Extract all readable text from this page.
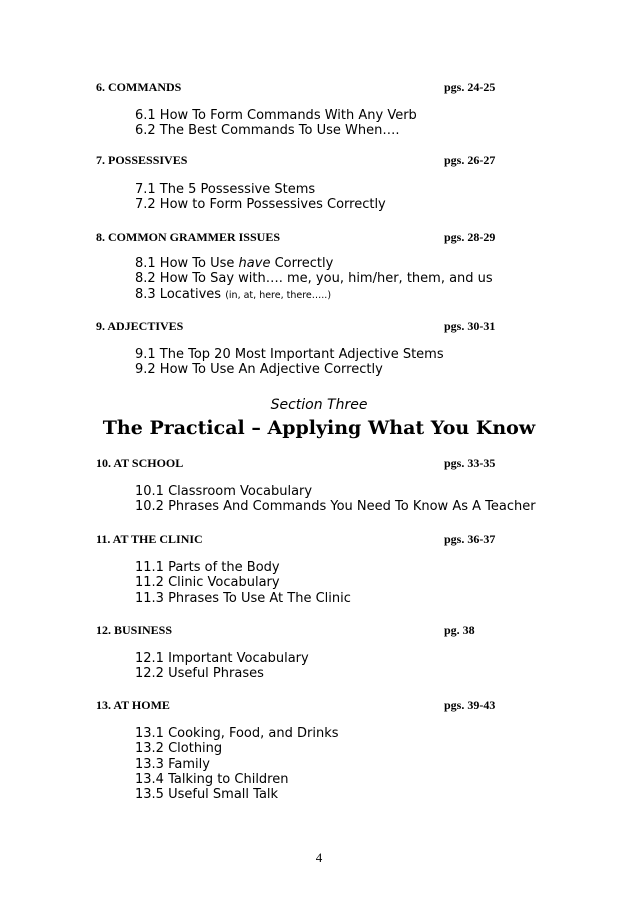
6. COMMANDS	pgs. 24-25
6.1 How To Form Commands With Any Verb
6.2 The Best Commands To Use When….
7. POSSESSIVES	pgs. 26-27
7.1 The 5 Possessive Stems
7.2 How to Form Possessives Correctly
8. COMMON GRAMMER ISSUES	pgs. 28-29
8.1 How To Use have Correctly
8.2 How To Say with…. me, you, him/her, them, and us
8.3 Locatives (in, at, here, there…..)
9. ADJECTIVES	pgs. 30-31
9.1 The Top 20 Most Important Adjective Stems
9.2 How To Use An Adjective Correctly
Section Three
The Practical – Applying What You Know
10. AT SCHOOL	pgs. 33-35
10.1 Classroom Vocabulary
10.2 Phrases And Commands You Need To Know As A Teacher
11. AT THE CLINIC	pgs. 36-37
11.1 Parts of the Body
11.2 Clinic Vocabulary
11.3 Phrases To Use At The Clinic
12. BUSINESS	pg. 38
12.1 Important Vocabulary
12.2 Useful Phrases
13. AT HOME	pgs. 39-43
13.1 Cooking, Food, and Drinks
13.2 Clothing
13.3 Family
13.4 Talking to Children
13.5 Useful Small Talk
4
